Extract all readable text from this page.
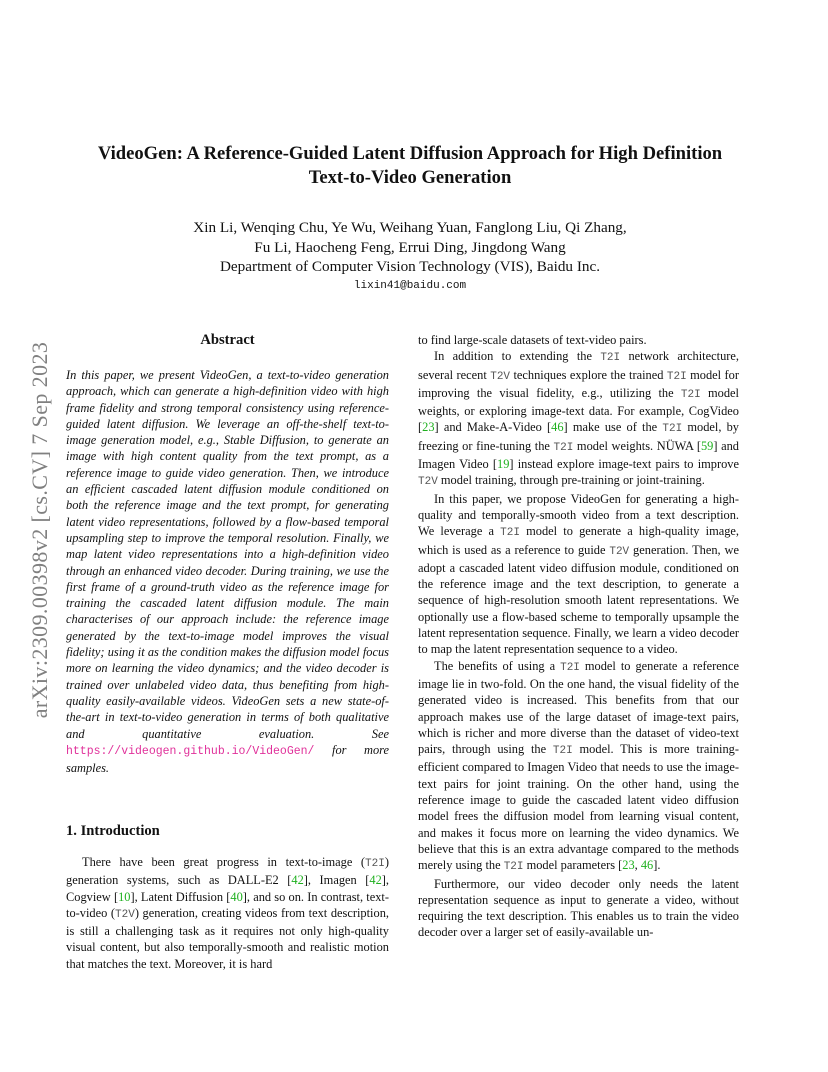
arXiv:2309.00398v2 [cs.CV] 7 Sep 2023
VideoGen: A Reference-Guided Latent Diffusion Approach for High Definition
Text-to-Video Generation
Xin Li, Wenqing Chu, Ye Wu, Weihang Yuan, Fanglong Liu, Qi Zhang,
Fu Li, Haocheng Feng, Errui Ding, Jingdong Wang
Department of Computer Vision Technology (VIS), Baidu Inc.
lixin41@baidu.com
Abstract
In this paper, we present VideoGen, a text-to-video generation approach, which can generate a high-definition video with high frame fidelity and strong temporal consistency using reference-guided latent diffusion. We leverage an off-the-shelf text-to-image generation model, e.g., Stable Diffusion, to generate an image with high content quality from the text prompt, as a reference image to guide video generation. Then, we introduce an efficient cascaded latent diffusion module conditioned on both the reference image and the text prompt, for generating latent video representations, followed by a flow-based temporal upsampling step to improve the temporal resolution. Finally, we map latent video representations into a high-definition video through an enhanced video decoder. During training, we use the first frame of a ground-truth video as the reference image for training the cascaded latent diffusion module. The main characterises of our approach include: the reference image generated by the text-to-image model improves the visual fidelity; using it as the condition makes the diffusion model focus more on learning the video dynamics; and the video decoder is trained over unlabeled video data, thus benefiting from high-quality easily-available videos. VideoGen sets a new state-of-the-art in text-to-video generation in terms of both qualitative and quantitative evaluation. See https://videogen.github.io/VideoGen/ for more samples.
1. Introduction
There have been great progress in text-to-image (T2I) generation systems, such as DALL-E2 [42], Imagen [42], Cogview [10], Latent Diffusion [40], and so on. In contrast, text-to-video (T2V) generation, creating videos from text description, is still a challenging task as it requires not only high-quality visual content, but also temporally-smooth and realistic motion that matches the text. Moreover, it is hard

to find large-scale datasets of text-video pairs.

In addition to extending the T2I network architecture, several recent T2V techniques explore the trained T2I model for improving the visual fidelity, e.g., utilizing the T2I model weights, or exploring image-text data. For example, CogVideo [23] and Make-A-Video [46] make use of the T2I model, by freezing or fine-tuning the T2I model weights. NÜWA [59] and Imagen Video [19] instead explore image-text pairs to improve T2V model training, through pre-training or joint-training.

In this paper, we propose VideoGen for generating a high-quality and temporally-smooth video from a text description. We leverage a T2I model to generate a high-quality image, which is used as a reference to guide T2V generation. Then, we adopt a cascaded latent video diffusion module, conditioned on the reference image and the text description, to generate a sequence of high-resolution smooth latent representations. We optionally use a flow-based scheme to temporally upsample the latent representation sequence. Finally, we learn a video decoder to map the latent representation sequence to a video.

The benefits of using a T2I model to generate a reference image lie in two-fold. On the one hand, the visual fidelity of the generated video is increased. This benefits from that our approach makes use of the large dataset of image-text pairs, which is richer and more diverse than the dataset of video-text pairs, through using the T2I model. This is more training-efficient compared to Imagen Video that needs to use the image-text pairs for joint training. On the other hand, using the reference image to guide the cascaded latent video diffusion model frees the diffusion model from learning visual content, and makes it focus more on learning the video dynamics. We believe that this is an extra advantage compared to the methods merely using the T2I model parameters [23, 46].

Furthermore, our video decoder only needs the latent representation sequence as input to generate a video, without requiring the text description. This enables us to train the video decoder over a larger set of easily-available un-
